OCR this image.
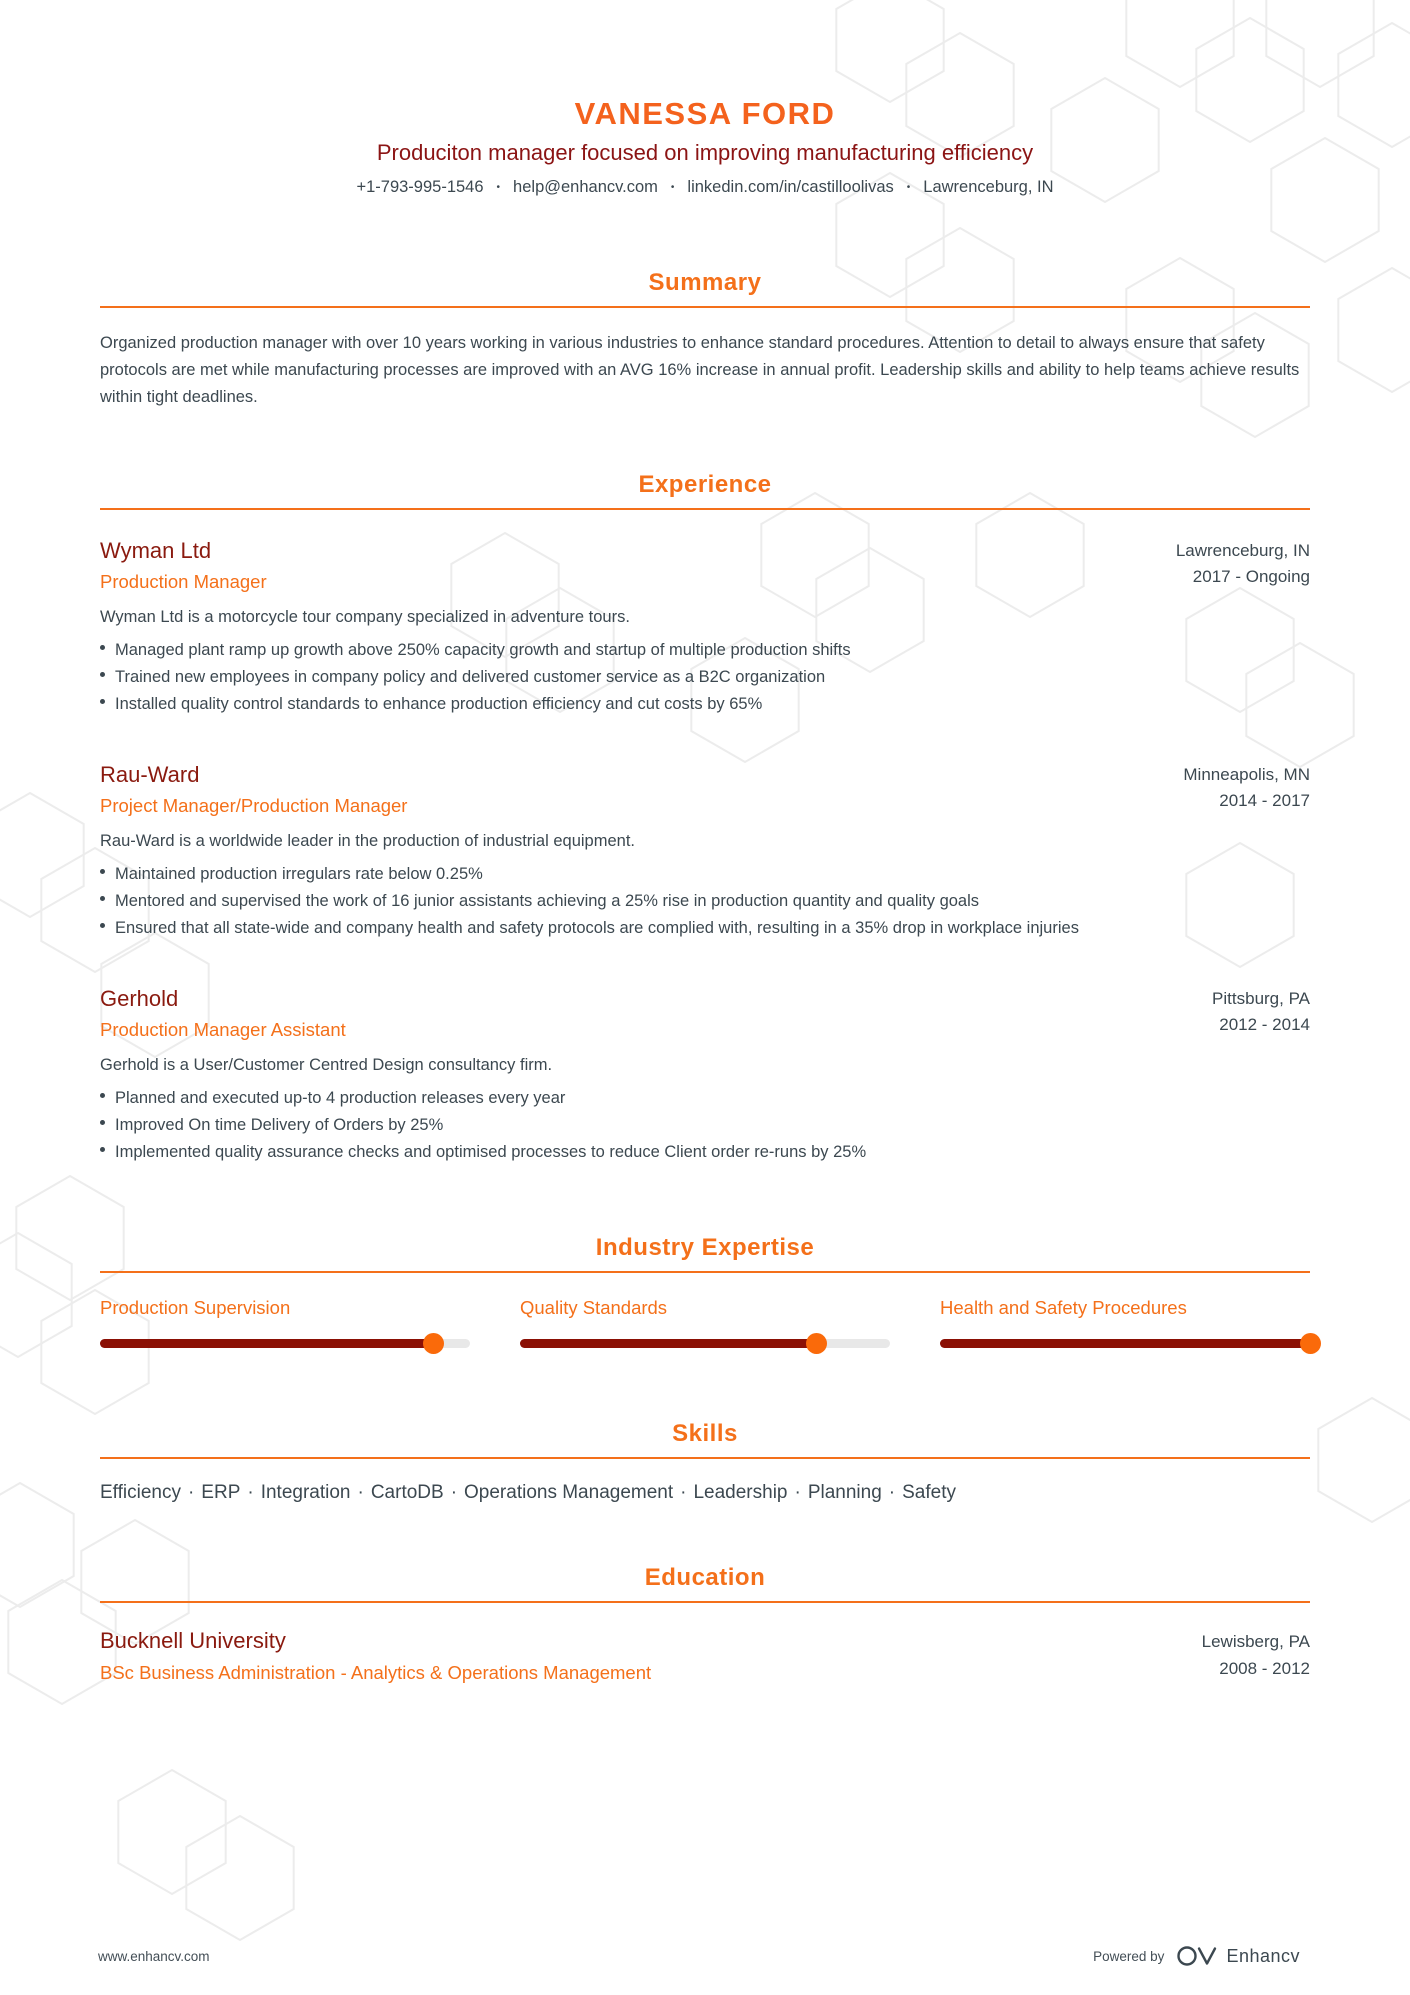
VANESSA FORD
Produciton manager focused on improving manufacturing efficiency
+1-793-995-1546 • help@enhancv.com • linkedin.com/in/castilloolivas • Lawrenceburg, IN
Summary

Organized production manager with over 10 years working in various industries to enhance standard procedures. Attention to detail to always ensure that safety protocols are met while manufacturing processes are improved with an AVG 16% increase in annual profit. Leadership skills and ability to help teams achieve results within tight deadlines.

Experience
Wyman Ltd
Production Manager
Lawrenceburg, IN
2017 - Ongoing

Wyman Ltd is a motorcycle tour company specialized in adventure tours.

Managed plant ramp up growth above 250% capacity growth and startup of multiple production shifts
Trained new employees in company policy and delivered customer service as a B2C organization
Installed quality control standards to enhance production efficiency and cut costs by 65%
Rau-Ward
Project Manager/Production Manager
Minneapolis, MN
2014 - 2017

Rau-Ward is a worldwide leader in the production of industrial equipment.

Maintained production irregulars rate below 0.25%
Mentored and supervised the work of 16 junior assistants achieving a 25% rise in production quantity and quality goals
Ensured that all state-wide and company health and safety protocols are complied with, resulting in a 35% drop in workplace injuries
Gerhold
Production Manager Assistant
Pittsburg, PA
2012 - 2014

Gerhold is a User/Customer Centred Design consultancy firm.

Planned and executed up-to 4 production releases every year
Improved On time Delivery of Orders by 25%
Implemented quality assurance checks and optimised processes to reduce Client order re-runs by 25%
Industry Expertise
Production Supervision	Quality Standards	Health and Safety Procedures
Skills
Efficiency · ERP · Integration · CartoDB · Operations Management · Leadership · Planning · Safety
Education
Bucknell University
BSc Business Administration - Analytics & Operations Management
Lewisberg, PA
2008 - 2012
www.enhancv.com	Powered by	Enhancv
